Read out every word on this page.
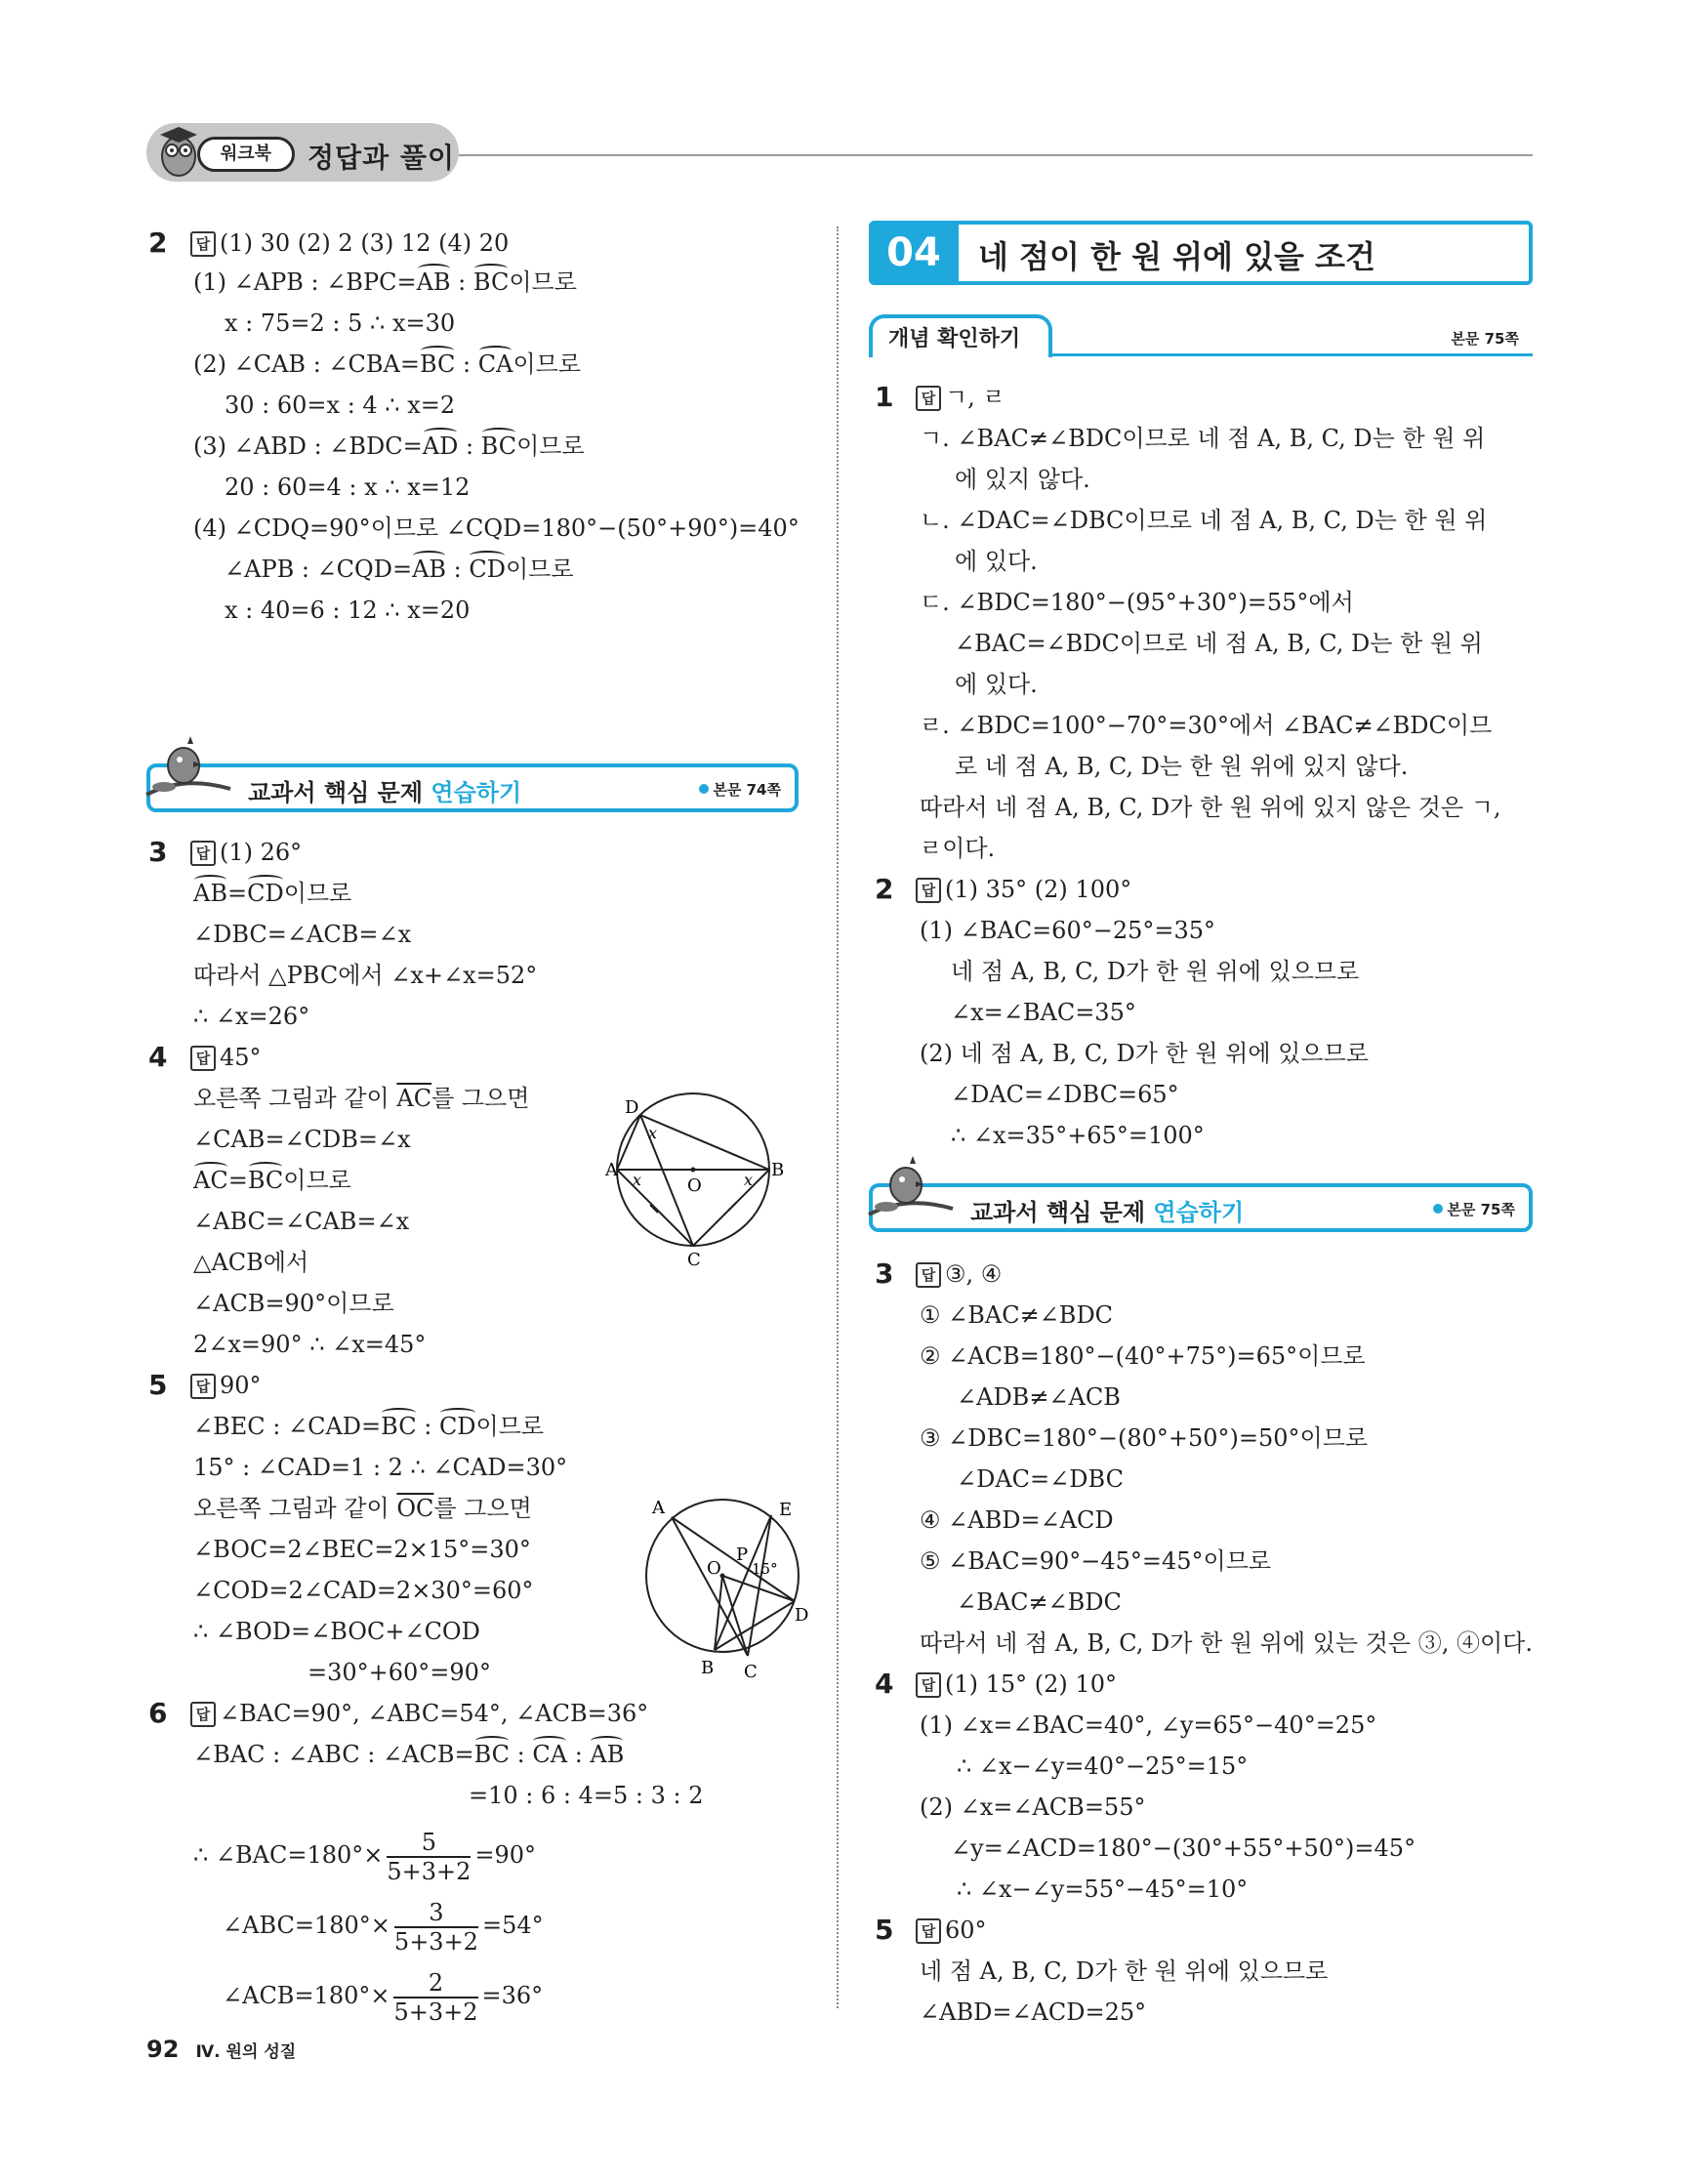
워크북	정답과 풀이
2	답 (1) 30 (2) 2 (3) 12 (4) 20
(1) ∠APB : ∠BPC=AB : BC이므로
x : 75=2 : 5 ∴ x=30
(2) ∠CAB : ∠CBA=BC : CA이므로
30 : 60=x : 4 ∴ x=2
(3) ∠ABD : ∠BDC=AD : BC이므로
20 : 60=4 : x ∴ x=12
(4) ∠CDQ=90°이므로 ∠CQD=180°−(50°+90°)=40°
∠APB : ∠CQD=AB : CD이므로
x : 40=6 : 12 ∴ x=20
교과서 핵심 문제 연습하기	본문 74쪽
3	답 (1) 26°
AB=CD이므로
∠DBC=∠ACB=∠x
따라서 △PBC에서 ∠x+∠x=52°
∴ ∠x=26°
4	답 45°
오른쪽 그림과 같이 $\overline{AC}$를 그으면
∠CAB=∠CDB=∠x
AC=BC이므로
∠ABC=∠CAB=∠x
△ACB에서
∠ACB=90°이므로
2∠x=90° ∴ ∠x=45°
D
A	B
C
O
x
x	x
5	답 90°
∠BEC : ∠CAD=BC : CD이므로
15° : ∠CAD=1 : 2 ∴ ∠CAD=30°
오른쪽 그림과 같이 $\overline{OC}$를 그으면
∠BOC=2∠BEC=2×15°=30°
∠COD=2∠CAD=2×30°=60°
∴ ∠BOD=∠BOC+∠COD
=30°+60°=90°
A	E
D
B C
O
P
15°
6	답 ∠BAC=90°, ∠ABC=54°, ∠ACB=36°
∠BAC : ∠ABC : ∠ACB=BC : CA : AB
=10 : 6 : 4=5 : 3 : 2
∴ ∠BAC=180°× $\frac{5}{5+3+2} =90^\circ$
∠ABC=180°× $\frac{3}{5+3+2} =54^\circ$
∠ACB=180°× $\frac{2}{5+3+2} =36^\circ$
04	네 점이 한 원 위에 있을 조건
개념 확인하기	본문 75쪽
1	답 ㄱ, ㄹ
ㄱ. ∠BAC≠∠BDC이므로 네 점 A, B, C, D는 한 원 위
에 있지 않다.
ㄴ. ∠DAC=∠DBC이므로 네 점 A, B, C, D는 한 원 위
에 있다.
ㄷ. ∠BDC=180°−(95°+30°)=55°에서
∠BAC=∠BDC이므로 네 점 A, B, C, D는 한 원 위
에 있다.
ㄹ. ∠BDC=100°−70°=30°에서 ∠BAC≠∠BDC이므
로 네 점 A, B, C, D는 한 원 위에 있지 않다.
따라서 네 점 A, B, C, D가 한 원 위에 있지 않은 것은 ㄱ,
ㄹ이다.
2	답 (1) 35° (2) 100°
(1) ∠BAC=60°−25°=35°
네 점 A, B, C, D가 한 원 위에 있으므로
∠x=∠BAC=35°
(2) 네 점 A, B, C, D가 한 원 위에 있으므로
∠DAC=∠DBC=65°
∴ ∠x=35°+65°=100°
교과서 핵심 문제 연습하기	본문 75쪽
3	답 ③, ④
① ∠BAC≠∠BDC
② ∠ACB=180°−(40°+75°)=65°이므로
∠ADB≠∠ACB
③ ∠DBC=180°−(80°+50°)=50°이므로
∠DAC=∠DBC
④ ∠ABD=∠ACD
⑤ ∠BAC=90°−45°=45°이므로
∠BAC≠∠BDC
따라서 네 점 A, B, C, D가 한 원 위에 있는 것은 ③, ④이다.
4	답 (1) 15° (2) 10°
(1) ∠x=∠BAC=40°, ∠y=65°−40°=25°
∴ ∠x−∠y=40°−25°=15°
(2) ∠x=∠ACB=55°
∠y=∠ACD=180°−(30°+55°+50°)=45°
∴ ∠x−∠y=55°−45°=10°
5	답 60°
네 점 A, B, C, D가 한 원 위에 있으므로
∠ABD=∠ACD=25°
92 Ⅳ. 원의 성질
